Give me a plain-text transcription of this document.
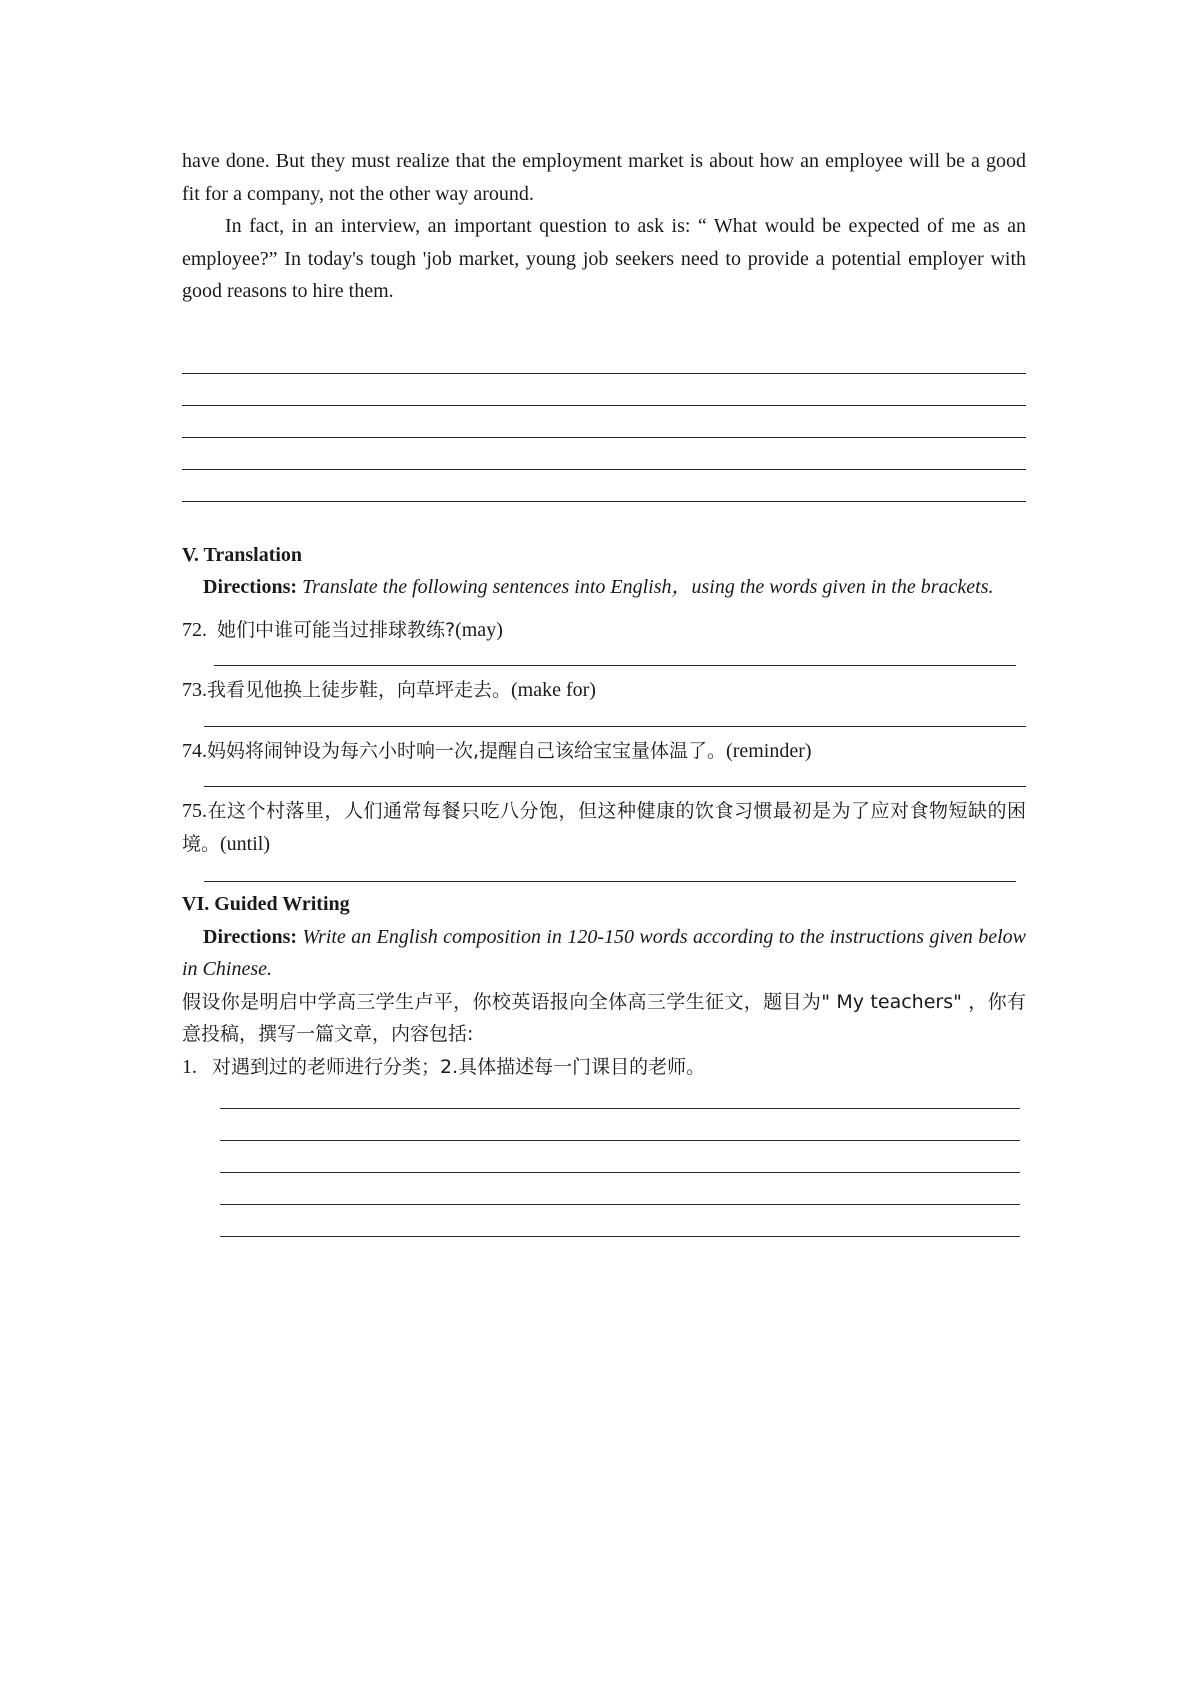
have done. But they must realize that the employment market is about how an employee will be a good fit for a company, not the other way around.

In fact, in an interview, an important question to ask is: “ What would be expected of me as an employee?” In today's tough 'job market, young job seekers need to provide a potential employer with good reasons to hire them.

V. Translation

Directions: Translate the following sentences into English，using the words given in the brackets.

72. 她们中谁可能当过排球教练?(may)

73.我看见他换上徒步鞋，向草坪走去。(make for)

74.妈妈将闹钟设为每六小时响一次,提醒自己该给宝宝量体温了。(reminder)

75.在这个村落里，人们通常每餐只吃八分饱，但这种健康的饮食习惯最初是为了应对食物短缺的困境。(until)

VI. Guided Writing

Directions: Write an English composition in 120-150 words according to the instructions given below in Chinese.

假设你是明启中学高三学生卢平，你校英语报向全体高三学生征文，题目为" My teachers" ，你有意投稿，撰写一篇文章，内容包括:

1. 对遇到过的老师进行分类；2.具体描述每一门课目的老师。
